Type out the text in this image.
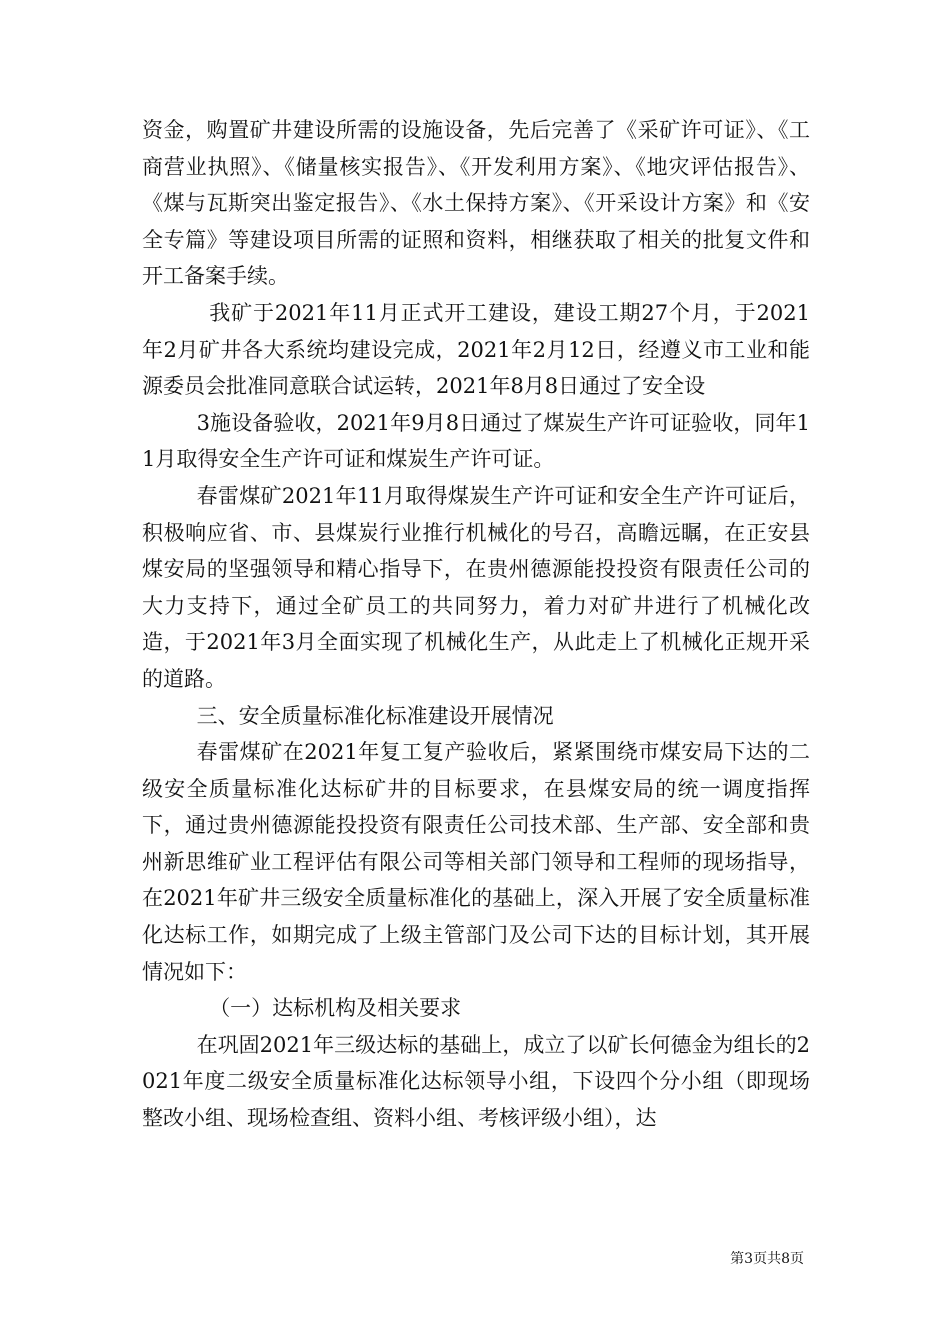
资金，购置矿井建设所需的设施设备，先后完善了《采矿许可证》、《工商营业执照》、《储量核实报告》、《开发利用方案》、《地灾评估报告》、《煤与瓦斯突出鉴定报告》、《水土保持方案》、《开采设计方案》和《安全专篇》等建设项目所需的证照和资料，相继获取了相关的批复文件和开工备案手续。

我矿于2021年11月正式开工建设，建设工期27个月，于2021年2月矿井各大系统均建设完成，2021年2月12日，经遵义市工业和能源委员会批准同意联合试运转，2021年8月8日通过了安全设

3施设备验收，2021年9月8日通过了煤炭生产许可证验收，同年11月取得安全生产许可证和煤炭生产许可证。

春雷煤矿2021年11月取得煤炭生产许可证和安全生产许可证后，积极响应省、市、县煤炭行业推行机械化的号召，高瞻远瞩，在正安县煤安局的坚强领导和精心指导下，在贵州德源能投投资有限责任公司的大力支持下，通过全矿员工的共同努力，着力对矿井进行了机械化改造，于2021年3月全面实现了机械化生产，从此走上了机械化正规开采的道路。

三、安全质量标准化标准建设开展情况

春雷煤矿在2021年复工复产验收后，紧紧围绕市煤安局下达的二级安全质量标准化达标矿井的目标要求，在县煤安局的统一调度指挥下，通过贵州德源能投投资有限责任公司技术部、生产部、安全部和贵州新思维矿业工程评估有限公司等相关部门领导和工程师的现场指导，在2021年矿井三级安全质量标准化的基础上，深入开展了安全质量标准化达标工作，如期完成了上级主管部门及公司下达的目标计划，其开展情况如下：

（一）达标机构及相关要求

在巩固2021年三级达标的基础上，成立了以矿长何德金为组长的2021年度二级安全质量标准化达标领导小组，下设四个分小组（即现场整改小组、现场检查组、资料小组、考核评级小组），达

第3页共8页
